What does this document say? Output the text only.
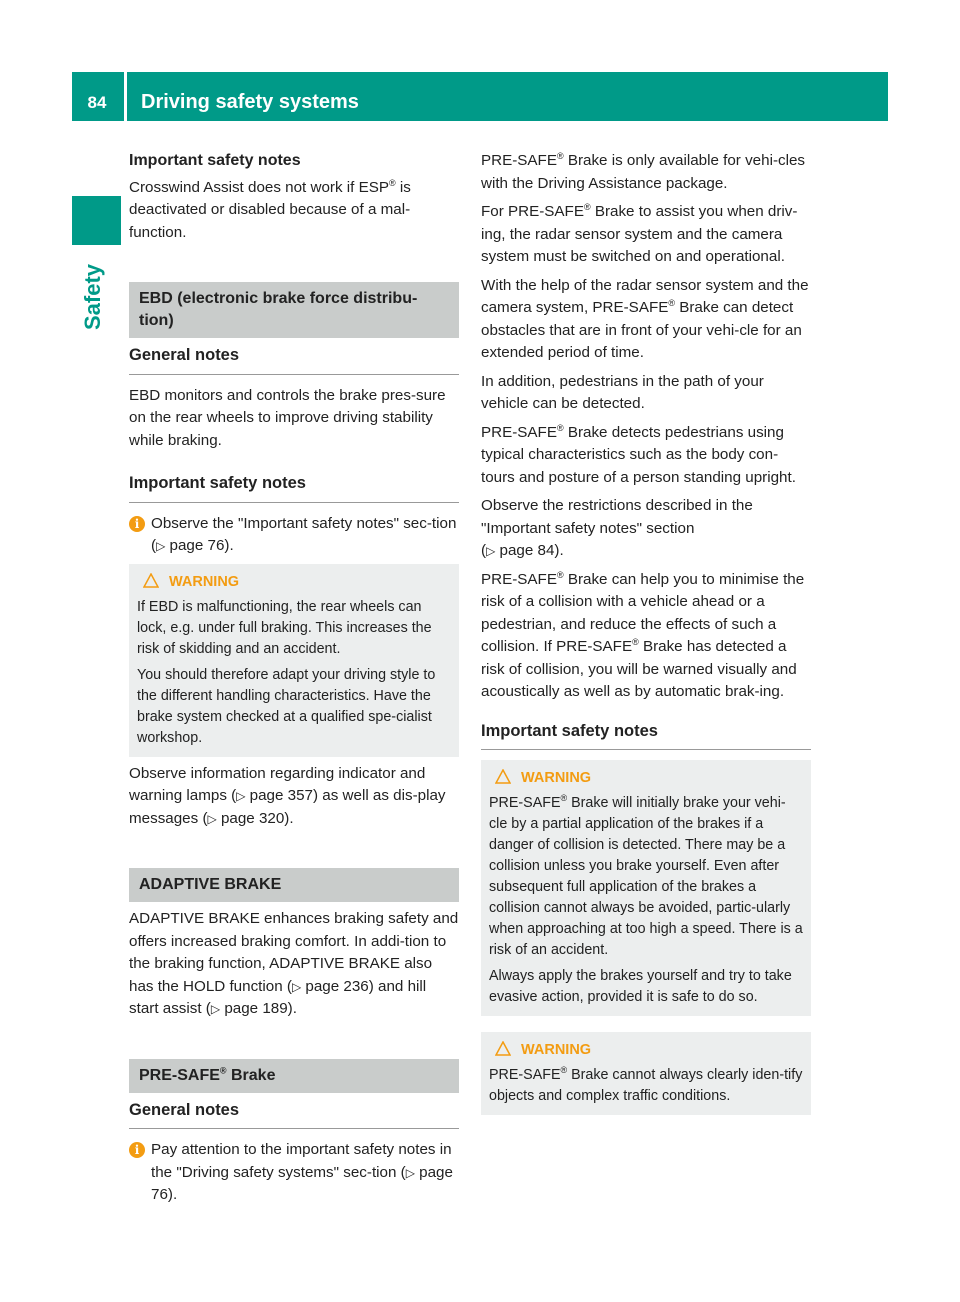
84	Driving safety systems
Safety
Important safety notes

Crosswind Assist does not work if ESP® is deactivated or disabled because of a mal-function.

EBD (electronic brake force distribu-tion)
General notes

EBD monitors and controls the brake pres-sure on the rear wheels to improve driving stability while braking.

Important safety notes
i Observe the "Important safety notes" sec-tion (▷ page 76).
WARNING

If EBD is malfunctioning, the rear wheels can lock, e.g. under full braking. This increases the risk of skidding and an accident.

You should therefore adapt your driving style to the different handling characteristics. Have the brake system checked at a qualified spe-cialist workshop.

Observe information regarding indicator and warning lamps (▷ page 357) as well as dis-play messages (▷ page 320).

ADAPTIVE BRAKE

ADAPTIVE BRAKE enhances braking safety and offers increased braking comfort. In addi-tion to the braking function, ADAPTIVE BRAKE also has the HOLD function (▷ page 236) and hill start assist (▷ page 189).

PRE-SAFE® Brake
General notes
i Pay attention to the important safety notes in the "Driving safety systems" sec-tion (▷ page 76).

PRE-SAFE® Brake is only available for vehi-cles with the Driving Assistance package.

For PRE-SAFE® Brake to assist you when driv-ing, the radar sensor system and the camera system must be switched on and operational.

With the help of the radar sensor system and the camera system, PRE-SAFE® Brake can detect obstacles that are in front of your vehi-cle for an extended period of time.

In addition, pedestrians in the path of your vehicle can be detected.

PRE-SAFE® Brake detects pedestrians using typical characteristics such as the body con-tours and posture of a person standing upright.

Observe the restrictions described in the "Important safety notes" section
(▷ page 84).

PRE-SAFE® Brake can help you to minimise the risk of a collision with a vehicle ahead or a pedestrian, and reduce the effects of such a collision. If PRE-SAFE® Brake has detected a risk of collision, you will be warned visually and acoustically as well as by automatic brak-ing.

Important safety notes
WARNING

PRE-SAFE® Brake will initially brake your vehi-cle by a partial application of the brakes if a danger of collision is detected. There may be a collision unless you brake yourself. Even after subsequent full application of the brakes a collision cannot always be avoided, partic-ularly when approaching at too high a speed. There is a risk of an accident.

Always apply the brakes yourself and try to take evasive action, provided it is safe to do so.

WARNING

PRE-SAFE® Brake cannot always clearly iden-tify objects and complex traffic conditions.
